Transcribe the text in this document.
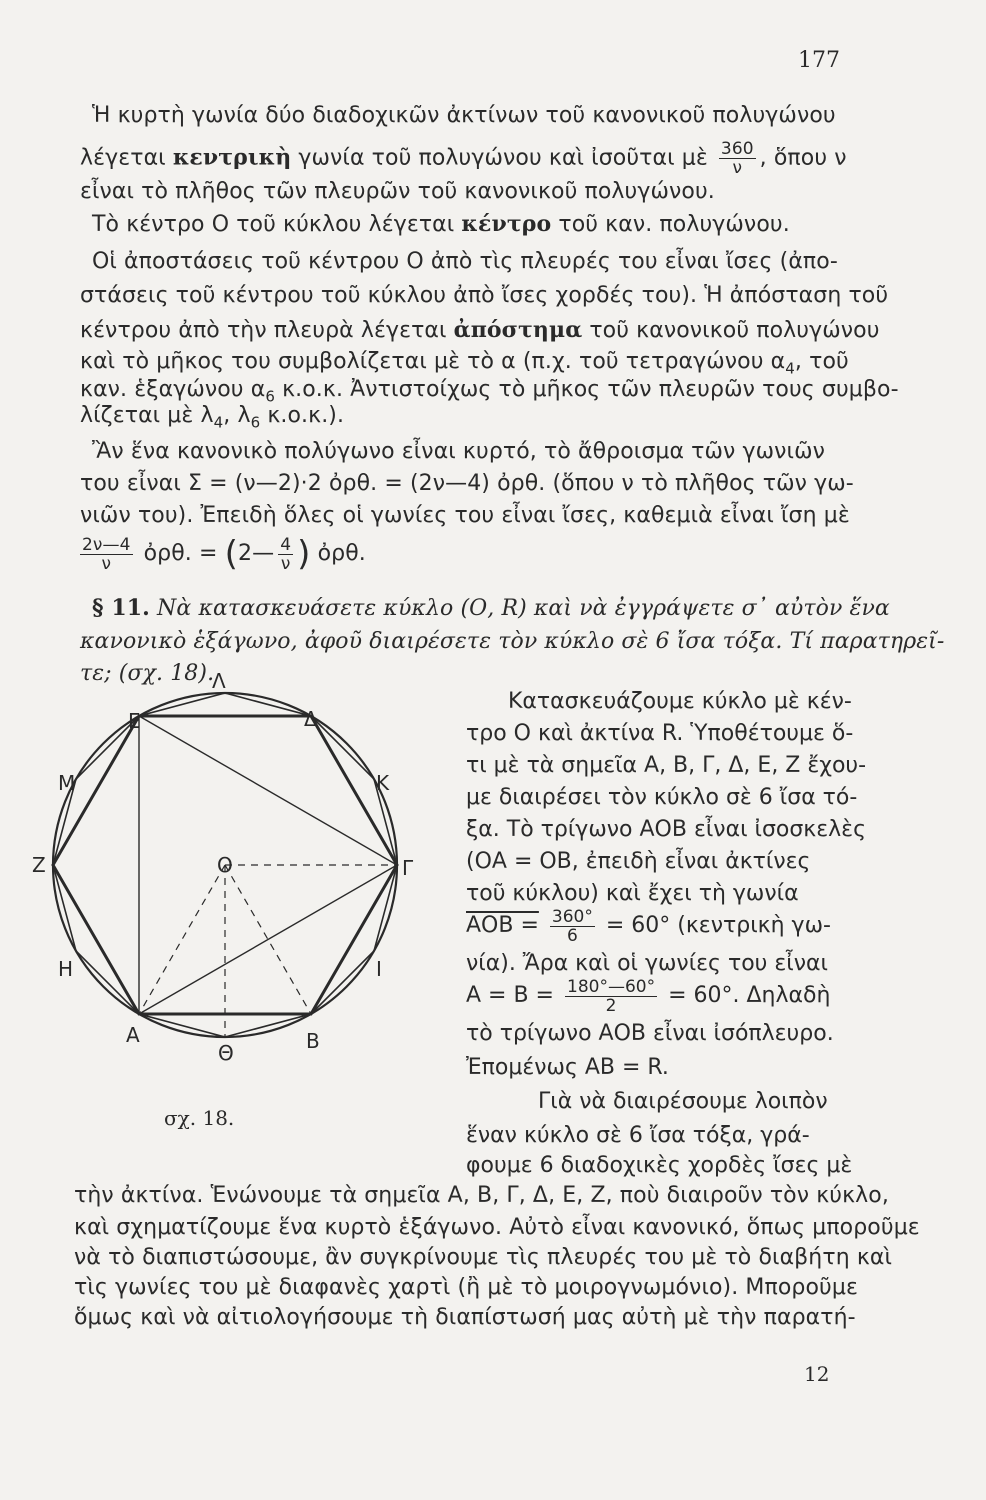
177
Ἡ κυρτὴ γωνία δύο διαδοχικῶν ἀκτίνων τοῦ κανονικοῦ πολυγώνου
λέγεται κεντρικὴ γωνία τοῦ πολυγώνου καὶ ἰσοῦται μὲ $\frac{360}{\nu}$ , ὅπου ν
εἶναι τὸ πλῆθος τῶν πλευρῶν τοῦ κανονικοῦ πολυγώνου.
Τὸ κέντρο Ο τοῦ κύκλου λέγεται κέντρο τοῦ καν. πολυγώνου.
Οἱ ἀποστάσεις τοῦ κέντρου Ο ἀπὸ τὶς πλευρές του εἶναι ἴσες (ἀπο-
στάσεις τοῦ κέντρου τοῦ κύκλου ἀπὸ ἴσες χορδές του). Ἡ ἀπόσταση τοῦ
κέντρου ἀπὸ τὴν πλευρὰ λέγεται ἀπόστημα τοῦ κανονικοῦ πολυγώνου
καὶ τὸ μῆκος του συμβολίζεται μὲ τὸ α (π.χ. τοῦ τετραγώνου $\alpha_4$, τοῦ
καν. ἑξαγώνου $\alpha_6$ κ.ο.κ. Ἀντιστοίχως τὸ μῆκος τῶν πλευρῶν τους συμβο-
λίζεται μὲ $\lambda_4$, $\lambda_6$ κ.ο.κ.).
Ἂν ἕνα κανονικὸ πολύγωνο εἶναι κυρτό, τὸ ἄθροισμα τῶν γωνιῶν
του εἶναι Σ = (ν—2)·2 ὀρθ. = (2ν—4) ὀρθ. (ὅπου ν τὸ πλῆθος τῶν γω-
νιῶν του). Ἐπειδὴ ὅλες οἱ γωνίες του εἶναι ἴσες, καθεμιὰ εἶναι ἴση μὲ
$\frac{2\nu—4}{\nu}$ ὀρθ. = (2— $\frac{4}{\nu}$ ) ὀρθ.
§ 11. Νὰ κατασκευάσετε κύκλο (Ο, R) καὶ νὰ ἐγγράψετε σ᾽ αὐτὸν ἕνα
κανονικὸ ἑξάγωνο, ἀφοῦ διαιρέσετε τὸν κύκλο σὲ 6 ἴσα τόξα. Τί παρατηρεῖ-
τε; (σχ. 18).
Α	Β
Γ
Δ
Ε
Ζ	Ο
Η
Θ
Ι
Κ
Λ
Μ
σχ. 18.
Κατασκευάζουμε κύκλο μὲ κέν-
τρο Ο καὶ ἀκτίνα R. Ὑποθέτουμε ὅ-
τι μὲ τὰ σημεῖα Α, Β, Γ, Δ, Ε, Ζ ἔχου-
με διαιρέσει τὸν κύκλο σὲ 6 ἴσα τό-
ξα. Τὸ τρίγωνο ΑΟΒ εἶναι ἰσοσκελὲς
(ΟΑ = ΟΒ, ἐπειδὴ εἶναι ἀκτίνες
τοῦ κύκλου) καὶ ἔχει τὴ γωνία
$AOB = \frac{360^\circ}{6} = 60^\circ$ (κεντρικὴ γω-
νία). Ἄρα καὶ οἱ γωνίες του εἶναι
$A = B = \frac{180^\circ—60^\circ}{2} = 60^\circ$. Δηλαδὴ
τὸ τρίγωνο ΑΟΒ εἶναι ἰσόπλευρο.
Ἐπομένως ΑΒ = R.
Γιὰ νὰ διαιρέσουμε λοιπὸν
ἕναν κύκλο σὲ 6 ἴσα τόξα, γρά-
φουμε 6 διαδοχικὲς χορδὲς ἴσες μὲ
τὴν ἀκτίνα. Ἑνώνουμε τὰ σημεῖα Α, Β, Γ, Δ, Ε, Ζ, ποὺ διαιροῦν τὸν κύκλο,
καὶ σχηματίζουμε ἕνα κυρτὸ ἑξάγωνο. Αὐτὸ εἶναι κανονικό, ὅπως μποροῦμε
νὰ τὸ διαπιστώσουμε, ἂν συγκρίνουμε τὶς πλευρές του μὲ τὸ διαβήτη καὶ
τὶς γωνίες του μὲ διαφανὲς χαρτὶ (ἢ μὲ τὸ μοιρογνωμόνιο). Μποροῦμε
ὅμως καὶ νὰ αἰτιολογήσουμε τὴ διαπίστωσή μας αὐτὴ μὲ τὴν παρατή-
12
